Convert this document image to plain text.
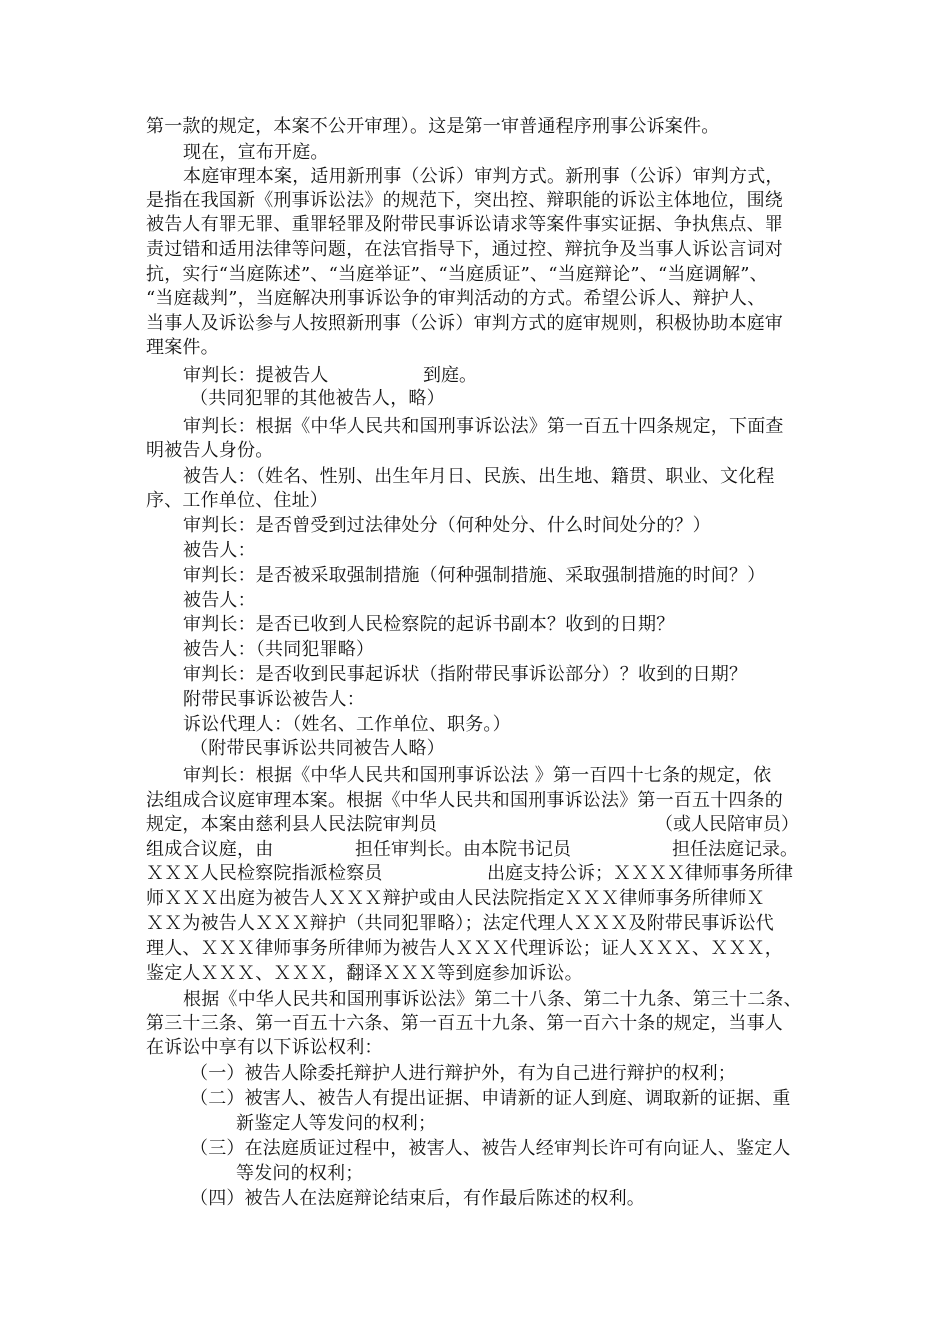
第一款的规定，本案不公开审理）。这是第一审普通程序刑事公诉案件。
现在，宣布开庭。
本庭审理本案，适用新刑事（公诉）审判方式。新刑事（公诉）审判方式，
是指在我国新《刑事诉讼法》的规范下，突出控、辩职能的诉讼主体地位，围绕
被告人有罪无罪、重罪轻罪及附带民事诉讼请求等案件事实证据、争执焦点、罪
责过错和适用法律等问题，在法官指导下，通过控、辩抗争及当事人诉讼言词对
抗，实行“当庭陈述”、“当庭举证”、“当庭质证”、“当庭辩论”、“当庭调解”、
“当庭裁判”，当庭解决刑事诉讼争的审判活动的方式。希望公诉人、辩护人、
当事人及诉讼参与人按照新刑事（公诉）审判方式的庭审规则，积极协助本庭审
理案件。
审判长：提被告人	到庭。
（共同犯罪的其他被告人，略）
审判长：根据《中华人民共和国刑事诉讼法》第一百五十四条规定，下面查
明被告人身份。
被告人：（姓名、性别、出生年月日、民族、出生地、籍贯、职业、文化程
序、工作单位、住址）
审判长：是否曾受到过法律处分（何种处分、什么时间处分的？）
被告人：
审判长：是否被采取强制措施（何种强制措施、采取强制措施的时间？）
被告人：
审判长：是否已收到人民检察院的起诉书副本？收到的日期？
被告人：（共同犯罪略）
审判长：是否收到民事起诉状（指附带民事诉讼部分）？收到的日期？
附带民事诉讼被告人：
诉讼代理人：（姓名、工作单位、职务。）
（附带民事诉讼共同被告人略）
审判长：根据《中华人民共和国刑事诉讼法 》第一百四十七条的规定，依
法组成合议庭审理本案。根据《中华人民共和国刑事诉讼法》第一百五十四条的
规定，本案由慈利县人民法院审判员	（或人民陪审员）
组成合议庭，由	担任审判长。由本院书记员	担任法庭记录。
ＸＸＸ人民检察院指派检察员	出庭支持公诉；ＸＸＸＸ律师事务所律
师ＸＸＸ出庭为被告人ＸＸＸ辩护或由人民法院指定ＸＸＸ律师事务所律师Ｘ
ＸＸ为被告人ＸＸＸ辩护（共同犯罪略）；法定代理人ＸＸＸ及附带民事诉讼代
理人、ＸＸＸ律师事务所律师为被告人ＸＸＸ代理诉讼；证人ＸＸＸ、ＸＸＸ，
鉴定人ＸＸＸ、ＸＸＸ，翻译ＸＸＸ等到庭参加诉讼。
根据《中华人民共和国刑事诉讼法》第二十八条、第二十九条、第三十二条、
第三十三条、第一百五十六条、第一百五十九条、第一百六十条的规定，当事人
在诉讼中享有以下诉讼权利：
（一）被告人除委托辩护人进行辩护外，有为自己进行辩护的权利；
（二）被害人、被告人有提出证据、申请新的证人到庭、调取新的证据、重
新鉴定人等发问的权利；
（三）在法庭质证过程中，被害人、被告人经审判长许可有向证人、鉴定人
等发问的权利；
（四）被告人在法庭辩论结束后，有作最后陈述的权利。
